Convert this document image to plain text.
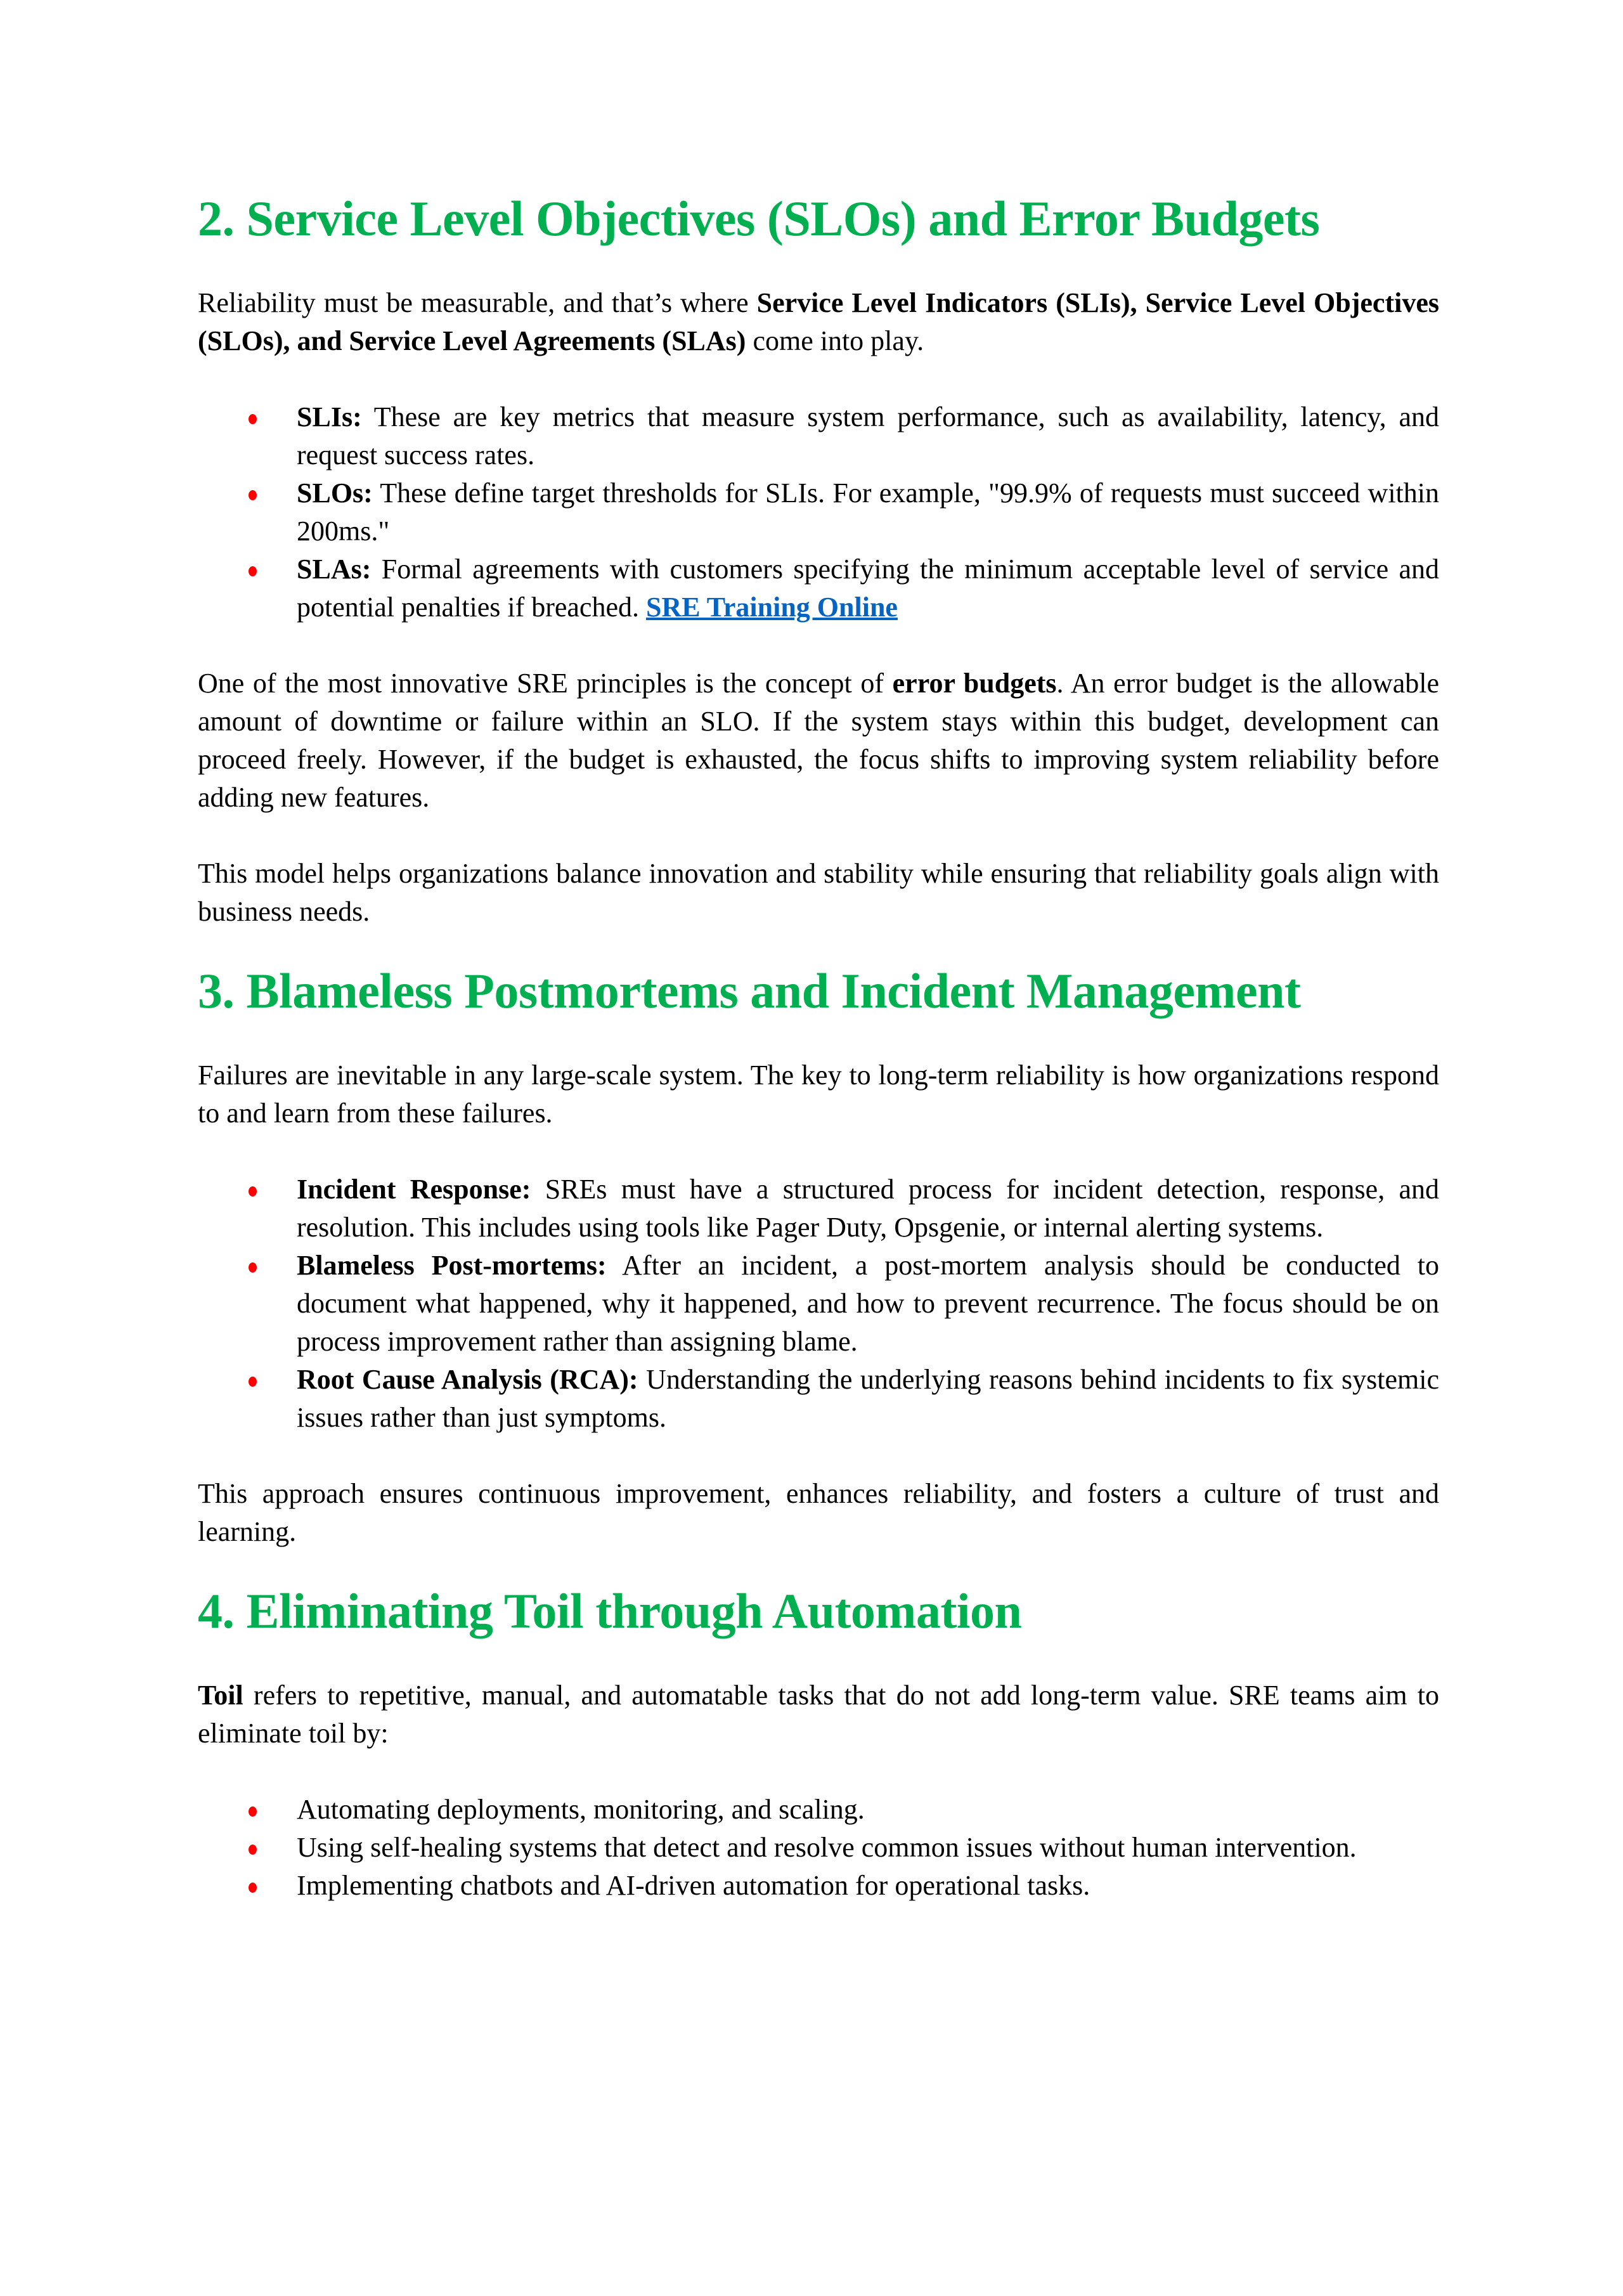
2. Service Level Objectives (SLOs) and Error Budgets

Reliability must be measurable, and that’s where Service Level Indicators (SLIs), Service Level Objectives (SLOs), and Service Level Agreements (SLAs) come into play.

SLIs: These are key metrics that measure system performance, such as availability, latency, and request success rates.
SLOs: These define target thresholds for SLIs. For example, "99.9% of requests must succeed within 200ms."
SLAs: Formal agreements with customers specifying the minimum acceptable level of service and potential penalties if breached. SRE Training Online

One of the most innovative SRE principles is the concept of error budgets. An error budget is the allowable amount of downtime or failure within an SLO. If the system stays within this budget, development can proceed freely. However, if the budget is exhausted, the focus shifts to improving system reliability before adding new features.

This model helps organizations balance innovation and stability while ensuring that reliability goals align with business needs.

3. Blameless Postmortems and Incident Management

Failures are inevitable in any large-scale system. The key to long-term reliability is how organizations respond to and learn from these failures.

Incident Response: SREs must have a structured process for incident detection, response, and resolution. This includes using tools like Pager Duty, Opsgenie, or internal alerting systems.
Blameless Post-mortems: After an incident, a post-mortem analysis should be conducted to document what happened, why it happened, and how to prevent recurrence. The focus should be on process improvement rather than assigning blame.
Root Cause Analysis (RCA): Understanding the underlying reasons behind incidents to fix systemic issues rather than just symptoms.

This approach ensures continuous improvement, enhances reliability, and fosters a culture of trust and learning.

4. Eliminating Toil through Automation

Toil refers to repetitive, manual, and automatable tasks that do not add long-term value. SRE teams aim to eliminate toil by:

Automating deployments, monitoring, and scaling.
Using self-healing systems that detect and resolve common issues without human intervention.
Implementing chatbots and AI-driven automation for operational tasks.
